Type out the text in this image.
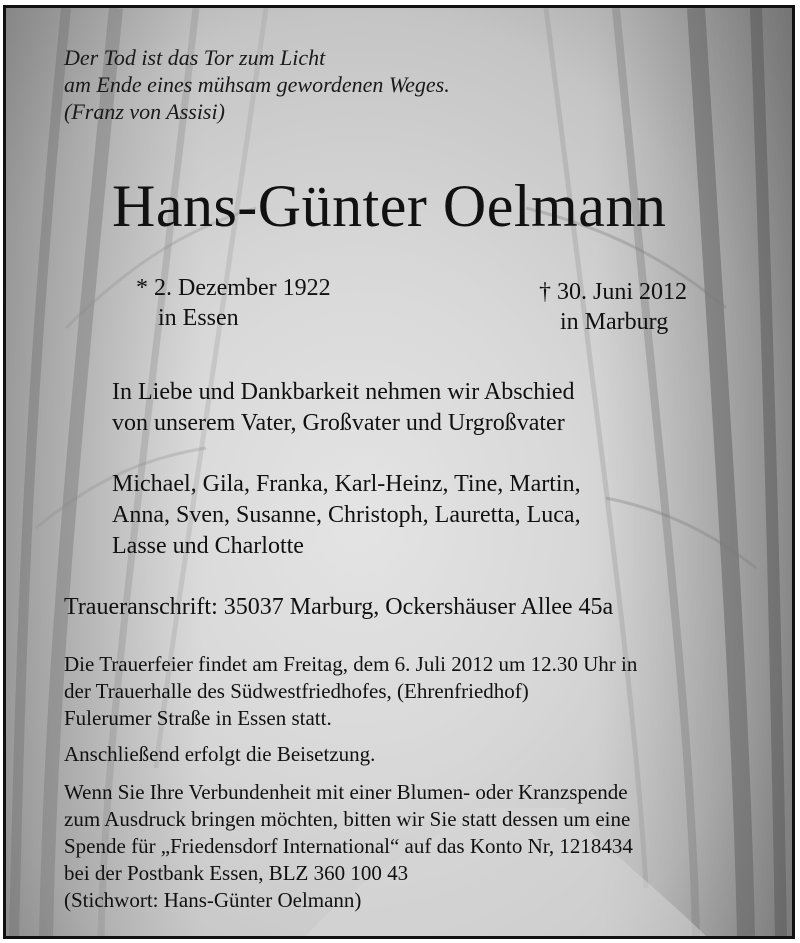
Der Tod ist das Tor zum Licht
am Ende eines mühsam gewordenen Weges.
(Franz von Assisi)
Hans-Günter Oelmann
* 2. Dezember 1922
in Essen
† 30. Juni 2012
in Marburg
In Liebe und Dankbarkeit nehmen wir Abschied
von unserem Vater, Großvater und Urgroßvater
Michael, Gila, Franka, Karl-Heinz, Tine, Martin,
Anna, Sven, Susanne, Christoph, Lauretta, Luca,
Lasse und Charlotte
Traueranschrift: 35037 Marburg, Ockershäuser Allee 45a
Die Trauerfeier findet am Freitag, dem 6. Juli 2012 um 12.30 Uhr in
der Trauerhalle des Südwestfriedhofes, (Ehrenfriedhof)
Fulerumer Straße in Essen statt.
Anschließend erfolgt die Beisetzung.
Wenn Sie Ihre Verbundenheit mit einer Blumen- oder Kranzspende
zum Ausdruck bringen möchten, bitten wir Sie statt dessen um eine
Spende für „Friedensdorf International“ auf das Konto Nr, 1218434
bei der Postbank Essen, BLZ 360 100 43
(Stichwort: Hans-Günter Oelmann)
